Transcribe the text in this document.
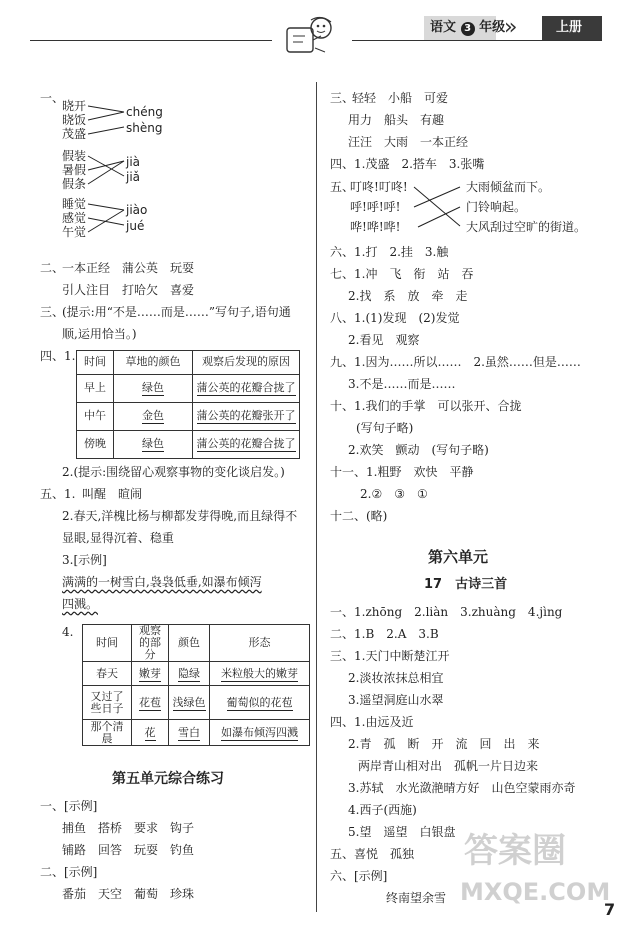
语文 3 年级
»	上册
一、
晓开
晓饭
茂盛
chéng
shèng
假装
暑假
假条
jià
jiǎ
睡觉
感觉
午觉
jiào
jué
二、
一本正经　蒲公英　玩耍
引人注目　打哈欠　喜爱
三、
(提示:用“不是……而是……”写句子,语句通
顺,运用恰当。)
四、1. 时间	草地的颜色	观察后发现的原因
早上	绿色	蒲公英的花瓣合拢了
中午	金色	蒲公英的花瓣张开了
傍晚	绿色	蒲公英的花瓣合拢了
2.(提示:围绕留心观察事物的变化谈启发。)
五、1. 叫醒　暄闹
2.春天,洋槐比杨与柳都发芽得晚,而且绿得不
显眼,显得沉着、稳重
3.[示例]
满满的一树雪白,袅袅低垂,如瀑布倾泻
四溅。
4.
时间	观察的部分	颜色	形态
春天	嫩芽	隐绿	米粒般大的嫩芽
又过了些日子	花苞	浅绿色	葡萄似的花苞
那个清晨	花	雪白	如瀑布倾泻四溅
第五单元综合练习
一、[示例]
捕鱼　搭桥　要求　钩子
铺路　回答　玩耍　钓鱼
二、[示例]
番茄　天空　葡萄　珍珠
三、
轻轻　小船　可爱
用力　船头　有趣
汪汪　大雨　一本正经
四、1.茂盛　2.搭车　3.张嘴
五、
叮咚!叮咚!
呼!呼!呼!
哗!哗!哗!
大雨倾盆而下。
门铃响起。
大风刮过空旷的街道。
六、1.打　2.挂　3.触
七、1.冲　飞　衔　站　吞
2.找　系　放　牵　走
八、1.(1)发现　(2)发觉
2.看见　观察
九、1.因为……所以……　2.虽然……但是……
3.不是……而是……
十、1.我们的手掌　可以张开、合拢
(写句子略)
2.欢笑　颤动　(写句子略)
十一、1.粗野　欢快　平静
2.②　③　①
十二、(略)
第六单元
17　古诗三首
一、1.zhōng　2.liàn　3.zhuàng　4.jìng
二、1.B　2.A　3.B
三、1.天门中断楚江开
2.淡妆浓抹总相宜
3.遥望洞庭山水翠
四、1.由远及近
2.青　孤　断　开　流　回　出　来
两岸青山相对出　孤帆一片日边来
3.苏轼　水光潋滟晴方好　山色空蒙雨亦奇
4.西子(西施)
5.望　遥望　白银盘
五、喜悦　孤独
六、[示例]
终南望余雪
答案圈
MXQE.COM
7
